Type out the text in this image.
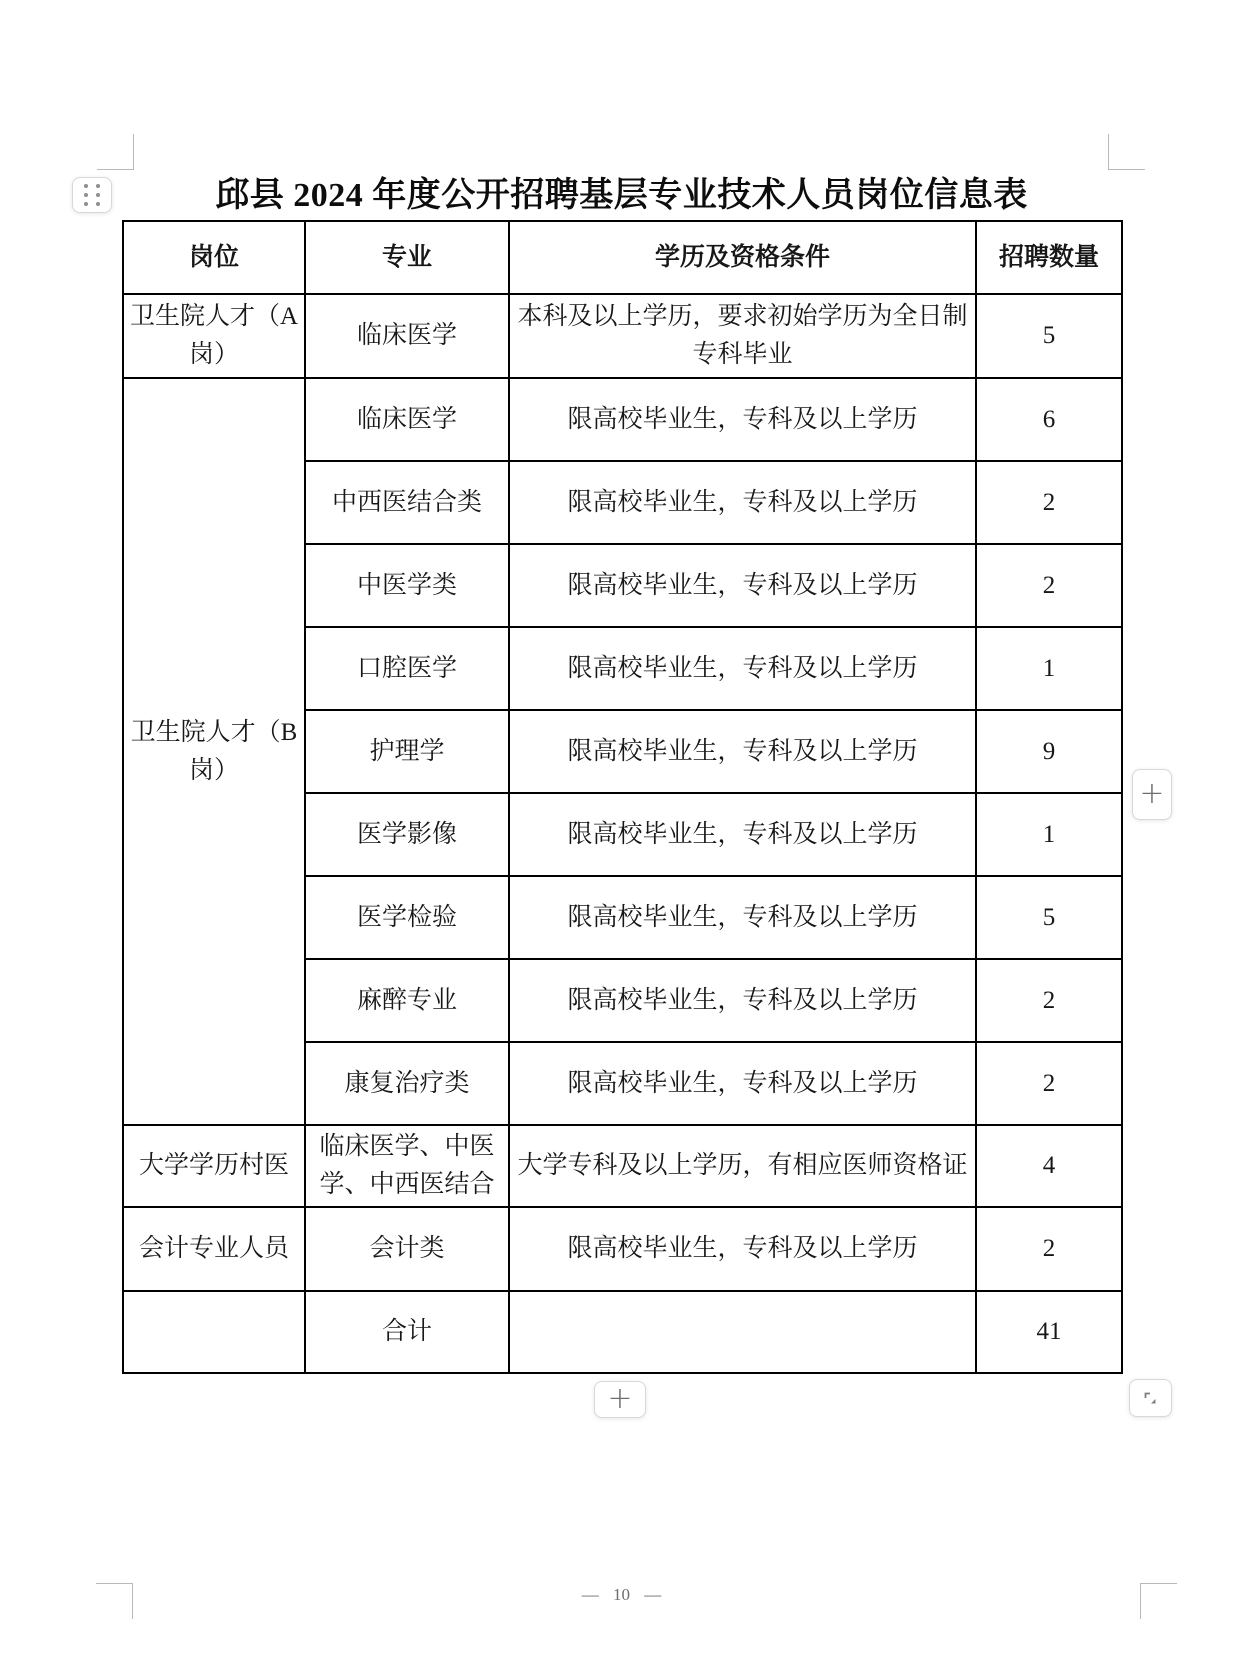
邱县 2024 年度公开招聘基层专业技术人员岗位信息表
岗位	专业	学历及资格条件	招聘数量
卫生院人才（A岗）	临床医学	本科及以上学历，要求初始学历为全日制专科毕业	5
卫生院人才（B岗）	临床医学	限高校毕业生，专科及以上学历	6
	中西医结合类	限高校毕业生，专科及以上学历	2
	中医学类	限高校毕业生，专科及以上学历	2
	口腔医学	限高校毕业生，专科及以上学历	1
	护理学	限高校毕业生，专科及以上学历	9
	医学影像	限高校毕业生，专科及以上学历	1
	医学检验	限高校毕业生，专科及以上学历	5
	麻醉专业	限高校毕业生，专科及以上学历	2
	康复治疗类	限高校毕业生，专科及以上学历	2
大学学历村医	临床医学、中医学、中西医结合	大学专科及以上学历，有相应医师资格证	4
会计专业人员	会计类	限高校毕业生，专科及以上学历	2
	合计		41
+
+
— 10 —
